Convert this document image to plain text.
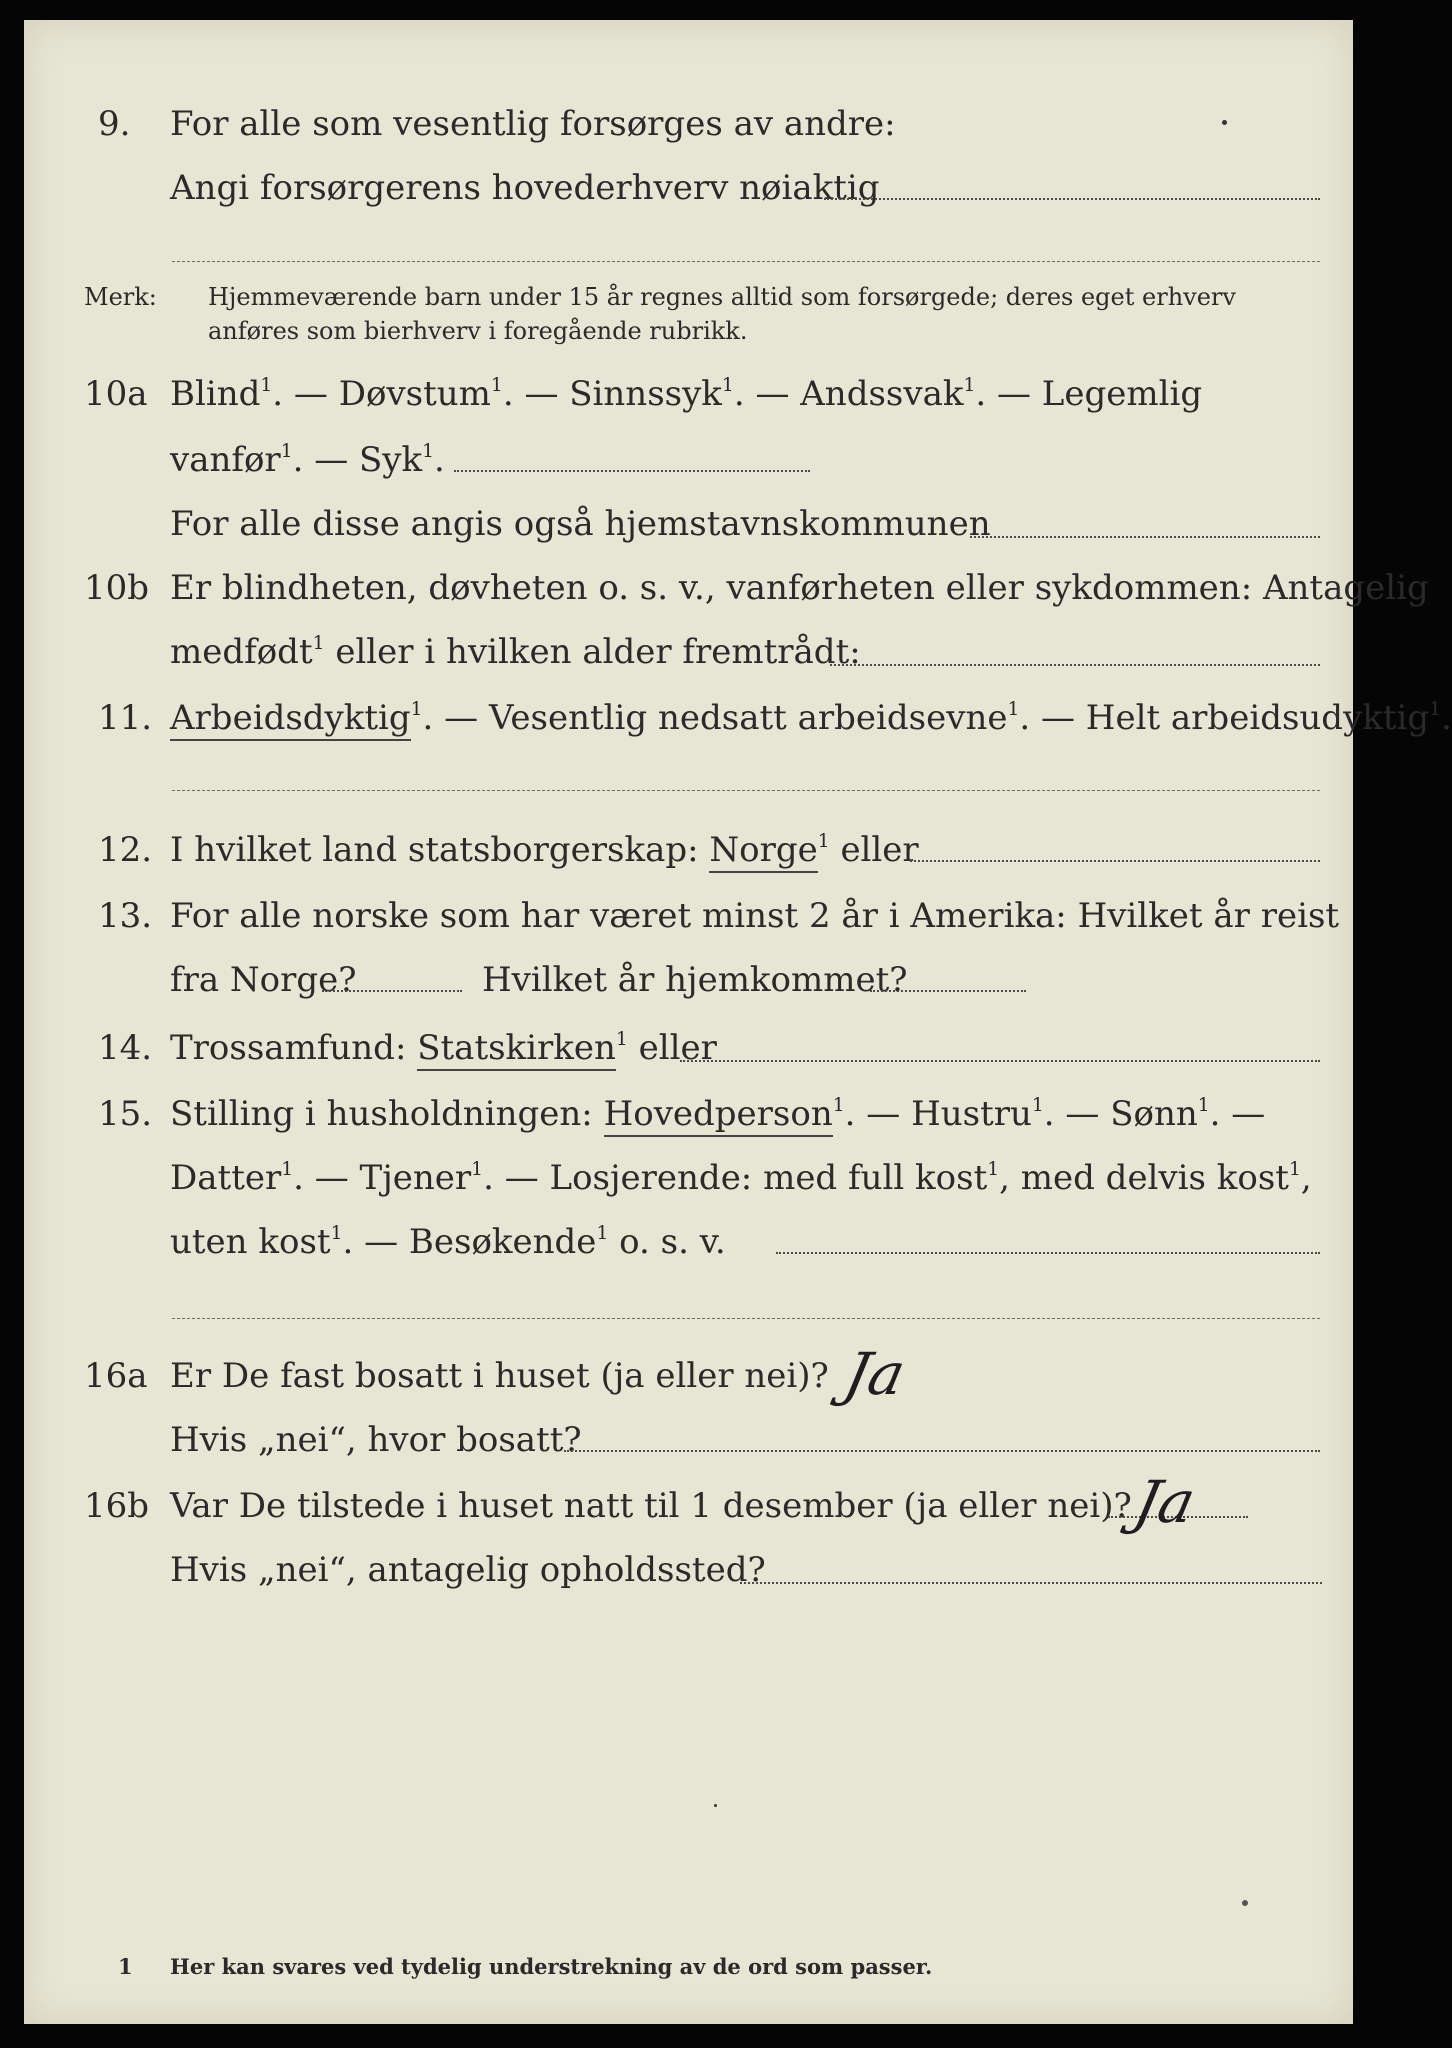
9. For alle som vesentlig forsørges av andre:
Angi forsørgerens hovederhverv nøiaktig
Merk: Hjemmeværende barn under 15 år regnes alltid som forsørgede; deres eget erhverv
anføres som bierhverv i foregående rubrikk.
10a Blind$^1$. — Døvstum$^1$. — Sinnssyk$^1$. — Andssvak$^1$. — Legemlig
vanfør$^1$. — Syk$^1$.
For alle disse angis også hjemstavnskommunen
10b Er blindheten, døvheten o. s. v., vanførheten eller sykdommen: Antagelig
medfødt$^1$ eller i hvilken alder fremtrådt:
11. Arbeidsdyktig$^1$. — Vesentlig nedsatt arbeidsevne$^1$. — Helt arbeidsudyktig$^1$.
12. I hvilket land statsborgerskap: Norge$^1$ eller
13. For alle norske som har været minst 2 år i Amerika: Hvilket år reist
fra Norge?	Hvilket år hjemkommet?
14. Trossamfund: Statskirken$^1$ eller
15. Stilling i husholdningen: Hovedperson$^1$. — Hustru$^1$. — Sønn$^1$. —
Datter$^1$. — Tjener$^1$. — Losjerende: med full kost$^1$, med delvis kost$^1$,
uten kost$^1$. — Besøkende$^1$ o. s. v.
16a Er De fast bosatt i huset (ja eller nei)? Ja
Hvis „nei“, hvor bosatt?
16b Var De tilstede i huset natt til 1 desember (ja eller nei)?
Ja
Hvis „nei“, antagelig opholdssted?
1 Her kan svares ved tydelig understrekning av de ord som passer.
